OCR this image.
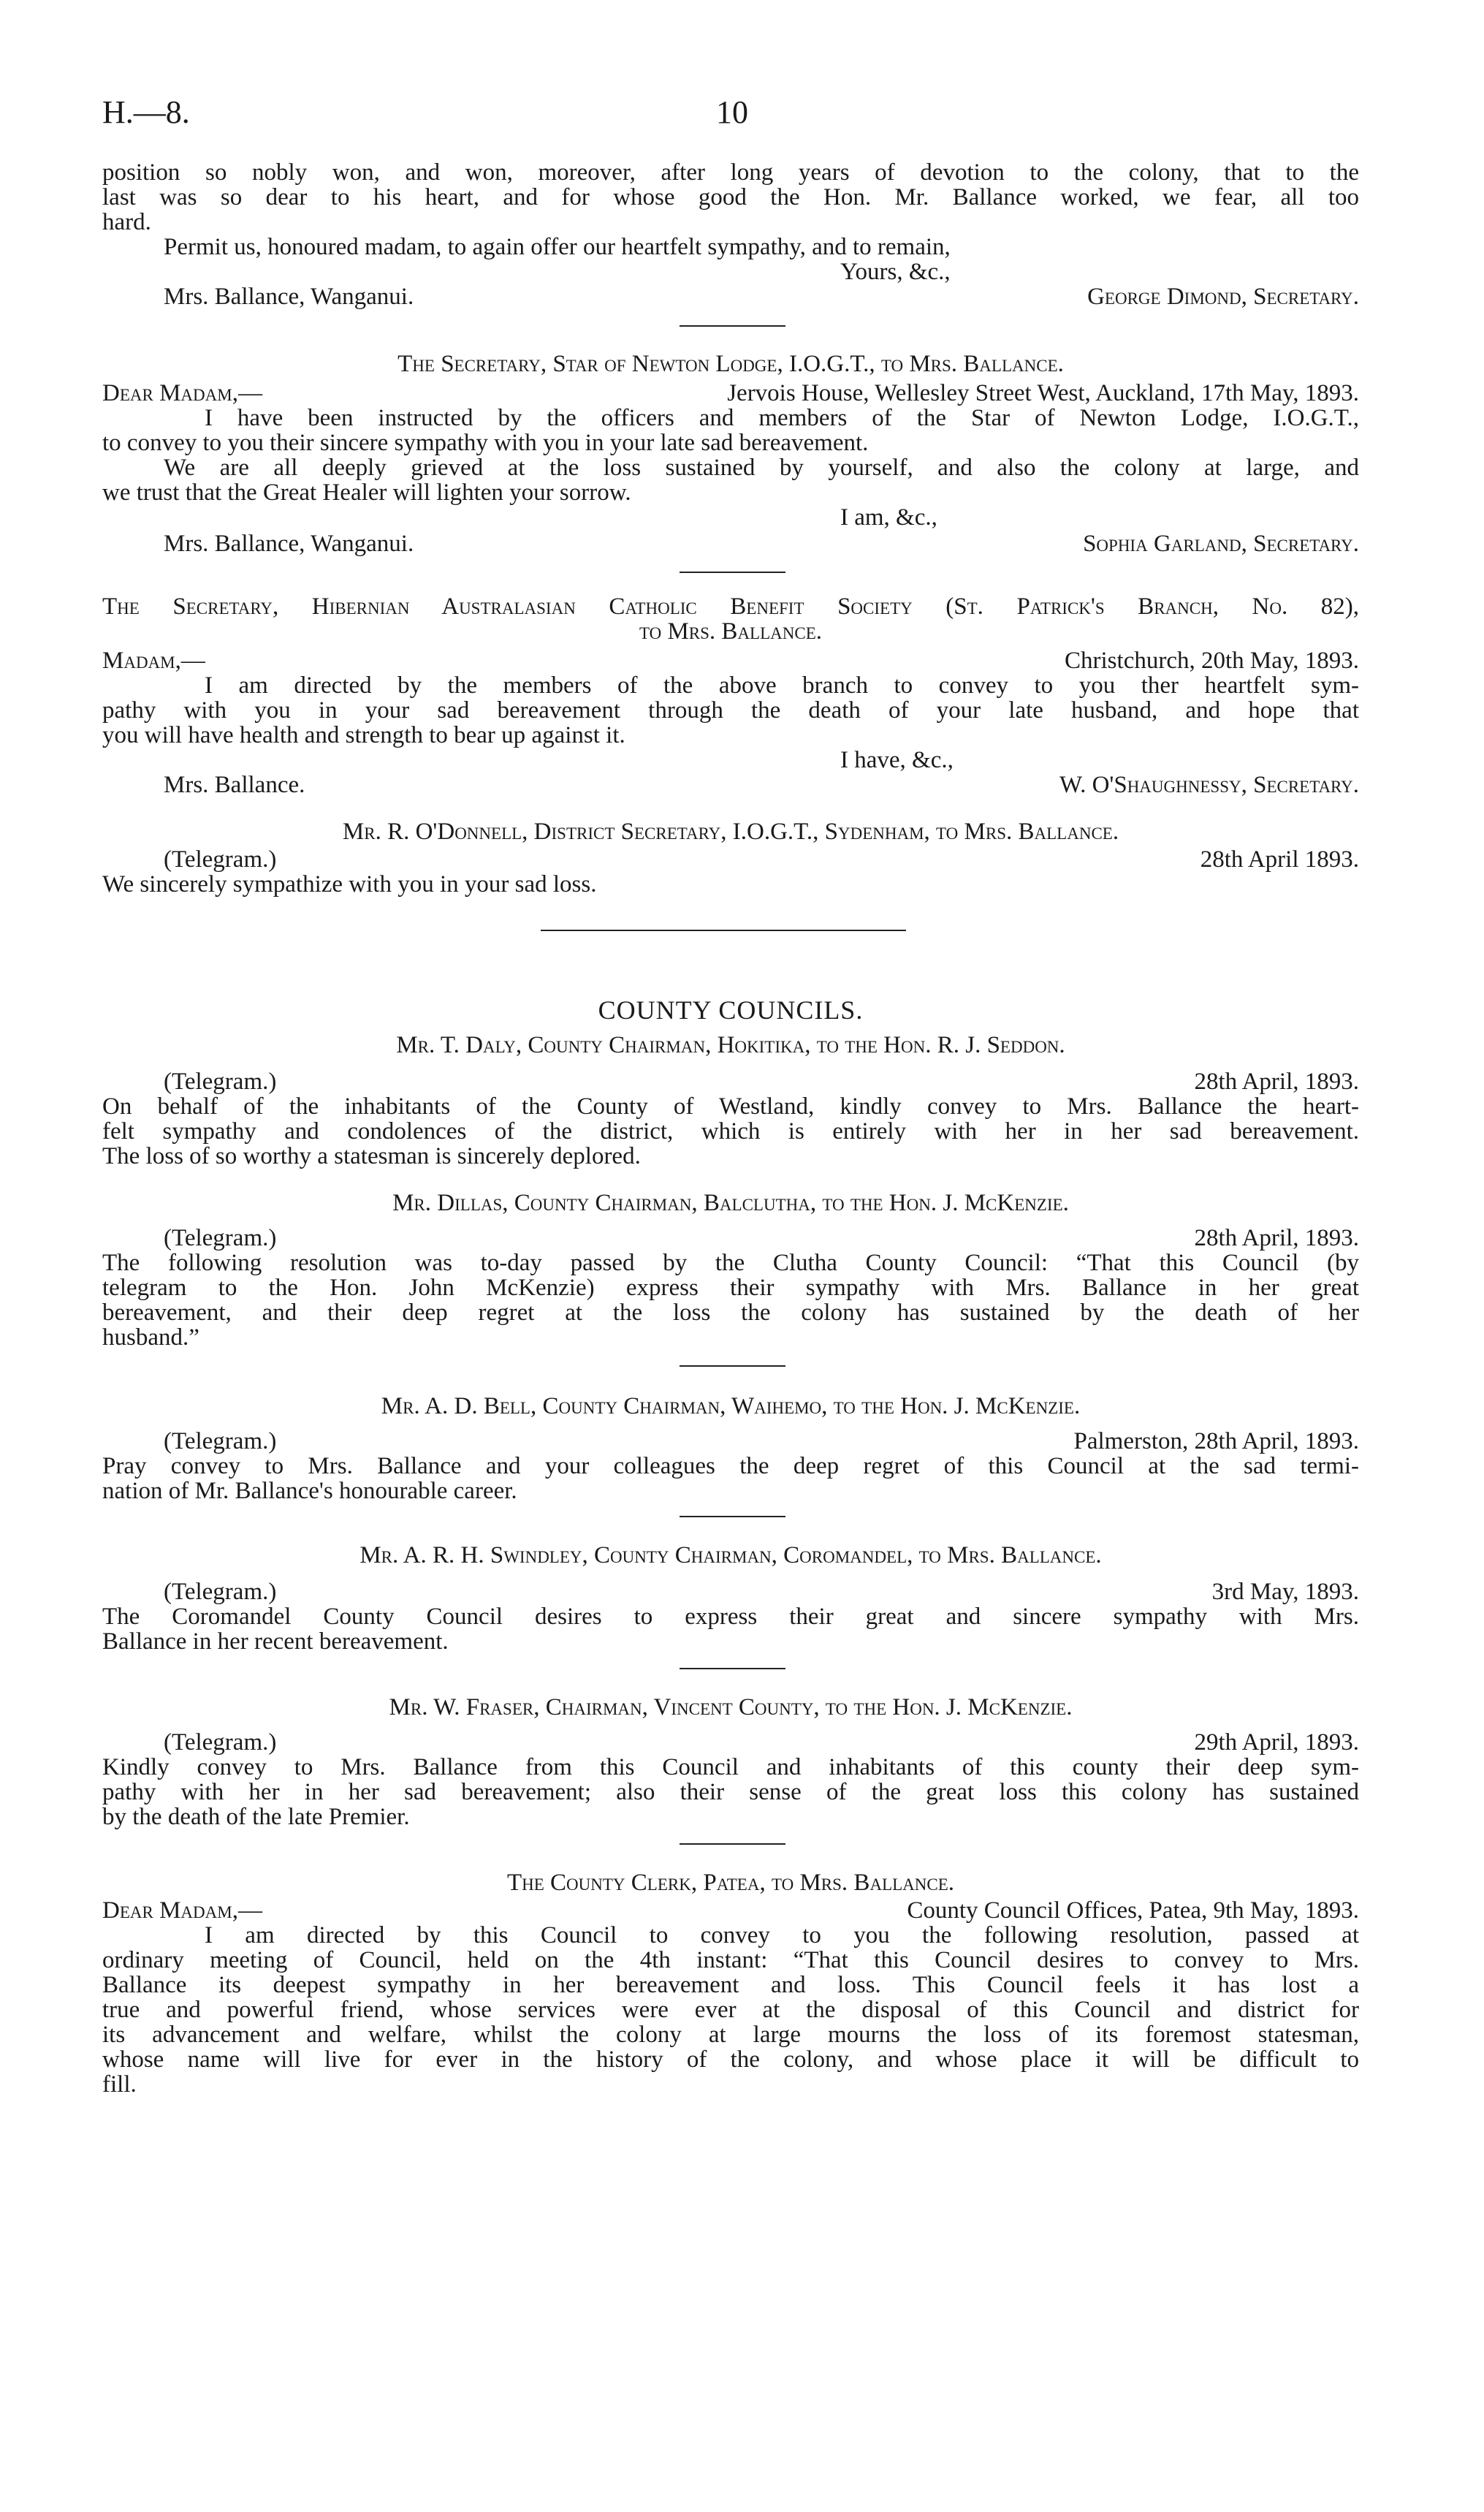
H.—8.	10
position so nobly won, and won, moreover, after long years of devotion to the colony, that to the
last was so dear to his heart, and for whose good the Hon. Mr. Ballance worked, we fear, all too
hard.
Permit us, honoured madam, to again offer our heartfelt sympathy, and to remain,
Yours, &c.,
Mrs. Ballance, Wanganui.	George Dimond, Secretary.
The Secretary, Star of Newton Lodge, I.O.G.T., to Mrs. Ballance.
Dear Madam,—	Jervois House, Wellesley Street West, Auckland, 17th May, 1893.
I have been instructed by the officers and members of the Star of Newton Lodge, I.O.G.T.,
to convey to you their sincere sympathy with you in your late sad bereavement.
We are all deeply grieved at the loss sustained by yourself, and also the colony at large, and
we trust that the Great Healer will lighten your sorrow.
I am, &c.,
Mrs. Ballance, Wanganui.	Sophia Garland, Secretary.
The Secretary, Hibernian Australasian Catholic Benefit Society (St. Patrick's Branch, No. 82),
to Mrs. Ballance.
Madam,—	Christchurch, 20th May, 1893.
I am directed by the members of the above branch to convey to you ther heartfelt sym-
pathy with you in your sad bereavement through the death of your late husband, and hope that
you will have health and strength to bear up against it.
I have, &c.,
Mrs. Ballance.	W. O'Shaughnessy, Secretary.
Mr. R. O'Donnell, District Secretary, I.O.G.T., Sydenham, to Mrs. Ballance.
(Telegram.)	28th April 1893.
We sincerely sympathize with you in your sad loss.
COUNTY COUNCILS.
Mr. T. Daly, County Chairman, Hokitika, to the Hon. R. J. Seddon.
(Telegram.)	28th April, 1893.
On behalf of the inhabitants of the County of Westland, kindly convey to Mrs. Ballance the heart-
felt sympathy and condolences of the district, which is entirely with her in her sad bereavement.
The loss of so worthy a statesman is sincerely deplored.
Mr. Dillas, County Chairman, Balclutha, to the Hon. J. McKenzie.
(Telegram.)	28th April, 1893.
The following resolution was to-day passed by the Clutha County Council: “That this Council (by
telegram to the Hon. John McKenzie) express their sympathy with Mrs. Ballance in her great
bereavement, and their deep regret at the loss the colony has sustained by the death of her
husband.”
Mr. A. D. Bell, County Chairman, Waihemo, to the Hon. J. McKenzie.
(Telegram.)	Palmerston, 28th April, 1893.
Pray convey to Mrs. Ballance and your colleagues the deep regret of this Council at the sad termi-
nation of Mr. Ballance's honourable career.
Mr. A. R. H. Swindley, County Chairman, Coromandel, to Mrs. Ballance.
(Telegram.)	3rd May, 1893.
The Coromandel County Council desires to express their great and sincere sympathy with Mrs.
Ballance in her recent bereavement.
Mr. W. Fraser, Chairman, Vincent County, to the Hon. J. McKenzie.
(Telegram.)	29th April, 1893.
Kindly convey to Mrs. Ballance from this Council and inhabitants of this county their deep sym-
pathy with her in her sad bereavement; also their sense of the great loss this colony has sustained
by the death of the late Premier.
The County Clerk, Patea, to Mrs. Ballance.
Dear Madam,—	County Council Offices, Patea, 9th May, 1893.
I am directed by this Council to convey to you the following resolution, passed at
ordinary meeting of Council, held on the 4th instant: “That this Council desires to convey to Mrs.
Ballance its deepest sympathy in her bereavement and loss. This Council feels it has lost a
true and powerful friend, whose services were ever at the disposal of this Council and district for
its advancement and welfare, whilst the colony at large mourns the loss of its foremost statesman,
whose name will live for ever in the history of the colony, and whose place it will be difficult to
fill.
